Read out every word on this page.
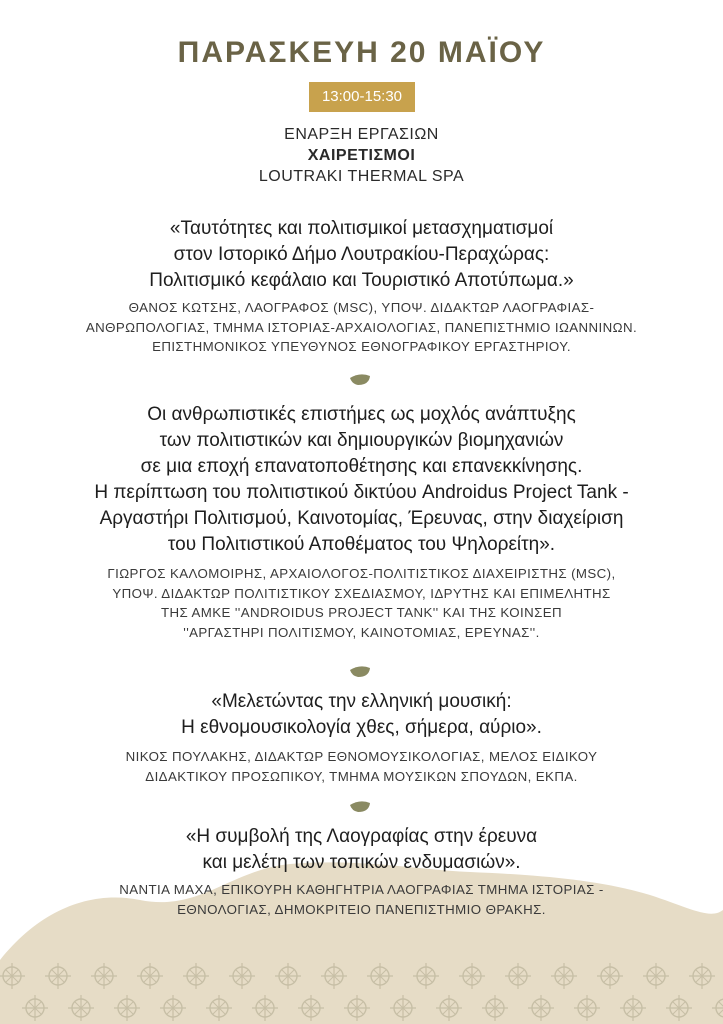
ΠΑΡΑΣΚΕΥΗ 20 ΜΑΪΟΥ
13:00-15:30
ΕΝΑΡΞΗ ΕΡΓΑΣΙΩΝ
ΧΑΙΡΕΤΙΣΜΟΙ
LOUTRAKI THERMAL SPA
«Ταυτότητες και πολιτισμικοί μετασχηματισμοί
στον Ιστορικό Δήμο Λουτρακίου-Περαχώρας:
Πολιτισμικό κεφάλαιο και Τουριστικό Αποτύπωμα.»
ΘΑΝΟΣ ΚΩΤΣΗΣ, ΛΑΟΓΡΑΦΟΣ (MSC), ΥΠΟΨ. ΔΙΔΑΚΤΩΡ ΛΑΟΓΡΑΦΙΑΣ-
ΑΝΘΡΩΠΟΛΟΓΙΑΣ, ΤΜΗΜΑ ΙΣΤΟΡΙΑΣ-ΑΡΧΑΙΟΛΟΓΙΑΣ, ΠΑΝΕΠΙΣΤΗΜΙΟ ΙΩΑΝΝΙΝΩΝ.
ΕΠΙΣΤΗΜΟΝΙΚΟΣ ΥΠΕΥΘΥΝΟΣ ΕΘΝΟΓΡΑΦΙΚΟΥ ΕΡΓΑΣΤΗΡΙΟΥ.
Οι ανθρωπιστικές επιστήμες ως μοχλός ανάπτυξης
των πολιτιστικών και δημιουργικών βιομηχανιών
σε μια εποχή επανατοποθέτησης και επανεκκίνησης.
Η περίπτωση του πολιτιστικού δικτύου Androidus Project Tank -
Αργαστήρι Πολιτισμού, Καινοτομίας, Έρευνας, στην διαχείριση
του Πολιτιστικού Αποθέματος του Ψηλορείτη».
ΓΙΩΡΓΟΣ ΚΑΛΟΜΟΙΡΗΣ, ΑΡΧΑΙΟΛΟΓΟΣ-ΠΟΛΙΤΙΣΤΙΚΟΣ ΔΙΑΧΕΙΡΙΣΤΗΣ (MSC),
ΥΠΟΨ. ΔΙΔΑΚΤΩΡ ΠΟΛΙΤΙΣΤΙΚΟΥ ΣΧΕΔΙΑΣΜΟΥ, ΙΔΡΥΤΗΣ ΚΑΙ ΕΠΙΜΕΛΗΤΗΣ
ΤΗΣ ΑΜΚΕ ''ANDROIDUS PROJECT TANK'' ΚΑΙ ΤΗΣ ΚΟΙΝΣΕΠ
''ΑΡΓΑΣΤΗΡΙ ΠΟΛΙΤΙΣΜΟΥ, ΚΑΙΝΟΤΟΜΙΑΣ, ΕΡΕΥΝΑΣ''.
«Μελετώντας την ελληνική μουσική:
Η εθνομουσικολογία χθες, σήμερα, αύριο».
ΝΙΚΟΣ ΠΟΥΛΑΚΗΣ, ΔΙΔΑΚΤΩΡ ΕΘΝΟΜΟΥΣΙΚΟΛΟΓΙΑΣ, ΜΕΛΟΣ ΕΙΔΙΚΟΥ
ΔΙΔΑΚΤΙΚΟΥ ΠΡΟΣΩΠΙΚΟΥ, ΤΜΗΜΑ ΜΟΥΣΙΚΩΝ ΣΠΟΥΔΩΝ, ΕΚΠΑ.
«Η συμβολή της Λαογραφίας στην έρευνα
και μελέτη των τοπικών ενδυμασιών».
ΝΑΝΤΙΑ ΜΑΧΑ, ΕΠΙΚΟΥΡΗ ΚΑΘΗΓΗΤΡΙΑ ΛΑΟΓΡΑΦΙΑΣ ΤΜΗΜΑ ΙΣΤΟΡΙΑΣ -
ΕΘΝΟΛΟΓΙΑΣ, ΔΗΜΟΚΡΙΤΕΙΟ ΠΑΝΕΠΙΣΤΗΜΙΟ ΘΡΑΚΗΣ.
